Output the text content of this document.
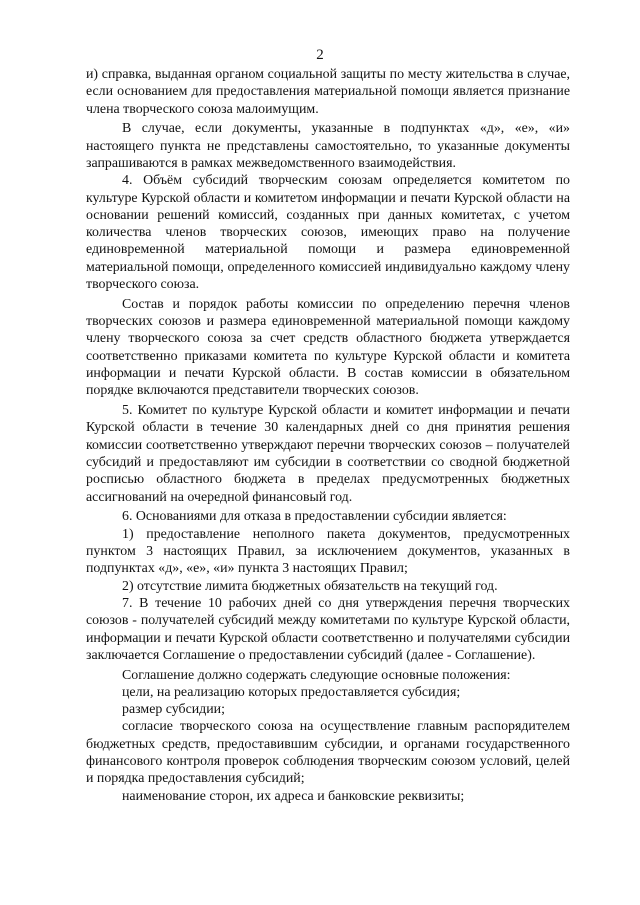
2

и) справка, выданная органом социальной защиты по месту жительства в случае, если основанием для предоставления материальной помощи является признание члена творческого союза малоимущим.

В случае, если документы, указанные в подпунктах «д», «е», «и» настоящего пункта не представлены самостоятельно, то указанные документы запрашиваются в рамках межведомственного взаимодействия.

4. Объём субсидий творческим союзам определяется комитетом по культуре Курской области и комитетом информации и печати Курской области на основании решений комиссий, созданных при данных комитетах, с учетом количества членов творческих союзов, имеющих право на получение единовременной материальной помощи и размера единовременной материальной помощи, определенного комиссией индивидуально каждому члену творческого союза.

Состав и порядок работы комиссии по определению перечня членов творческих союзов и размера единовременной материальной помощи каждому члену творческого союза за счет средств областного бюджета утверждается соответственно приказами комитета по культуре Курской области и комитета информации и печати Курской области. В состав комиссии в обязательном порядке включаются представители творческих союзов.

5. Комитет по культуре Курской области и комитет информации и печати Курской области в течение 30 календарных дней со дня принятия решения комиссии соответственно утверждают перечни творческих союзов – получателей субсидий и предоставляют им субсидии в соответствии со сводной бюджетной росписью областного бюджета в пределах предусмотренных бюджетных ассигнований на очередной финансовый год.

6. Основаниями для отказа в предоставлении субсидии является:

1) предоставление неполного пакета документов, предусмотренных пунктом 3 настоящих Правил, за исключением документов, указанных в подпунктах «д», «е», «и» пункта 3 настоящих Правил;

2) отсутствие лимита бюджетных обязательств на текущий год.

7. В течение 10 рабочих дней со дня утверждения перечня творческих союзов - получателей субсидий между комитетами по культуре Курской области, информации и печати Курской области соответственно и получателями субсидии заключается Соглашение о предоставлении субсидий (далее - Соглашение).

Соглашение должно содержать следующие основные положения:

цели, на реализацию которых предоставляется субсидия;

размер субсидии;

согласие творческого союза на осуществление главным распорядителем бюджетных средств, предоставившим субсидии, и органами государственного финансового контроля проверок соблюдения творческим союзом условий, целей и порядка предоставления субсидий;

наименование сторон, их адреса и банковские реквизиты;
